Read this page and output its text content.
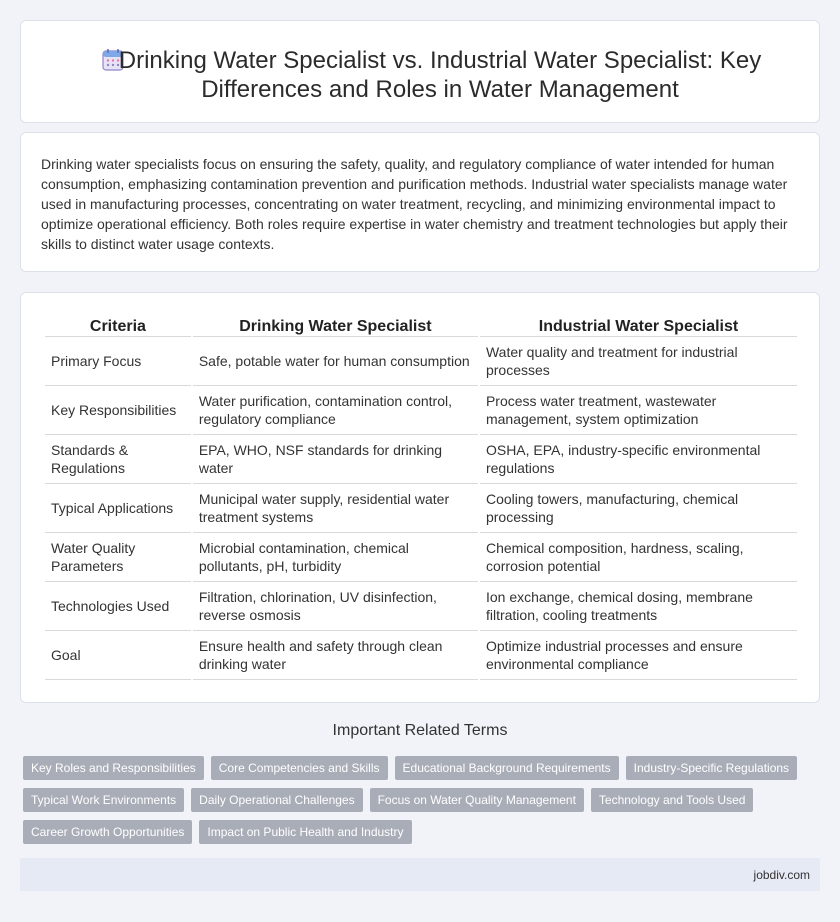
Drinking Water Specialist vs. Industrial Water Specialist: Key Differences and Roles in Water Management

Drinking water specialists focus on ensuring the safety, quality, and regulatory compliance of water intended for human consumption, emphasizing contamination prevention and purification methods. Industrial water specialists manage water used in manufacturing processes, concentrating on water treatment, recycling, and minimizing environmental impact to optimize operational efficiency. Both roles require expertise in water chemistry and treatment technologies but apply their skills to distinct water usage contexts.

Criteria	Drinking Water Specialist	Industrial Water Specialist
Primary Focus	Safe, potable water for human consumption	Water quality and treatment for industrial processes
Key Responsibilities	Water purification, contamination control, regulatory compliance	Process water treatment, wastewater management, system optimization
Standards & Regulations	EPA, WHO, NSF standards for drinking water	OSHA, EPA, industry-specific environmental regulations
Typical Applications	Municipal water supply, residential water treatment systems	Cooling towers, manufacturing, chemical processing
Water Quality Parameters	Microbial contamination, chemical pollutants, pH, turbidity	Chemical composition, hardness, scaling, corrosion potential
Technologies Used	Filtration, chlorination, UV disinfection, reverse osmosis	Ion exchange, chemical dosing, membrane filtration, cooling treatments
Goal	Ensure health and safety through clean drinking water	Optimize industrial processes and ensure environmental compliance
Important Related Terms
Key Roles and Responsibilities	Core Competencies and Skills	Educational Background Requirements	Industry-Specific Regulations
Typical Work Environments	Daily Operational Challenges	Focus on Water Quality Management	Technology and Tools Used
Career Growth Opportunities	Impact on Public Health and Industry
jobdiv.com
